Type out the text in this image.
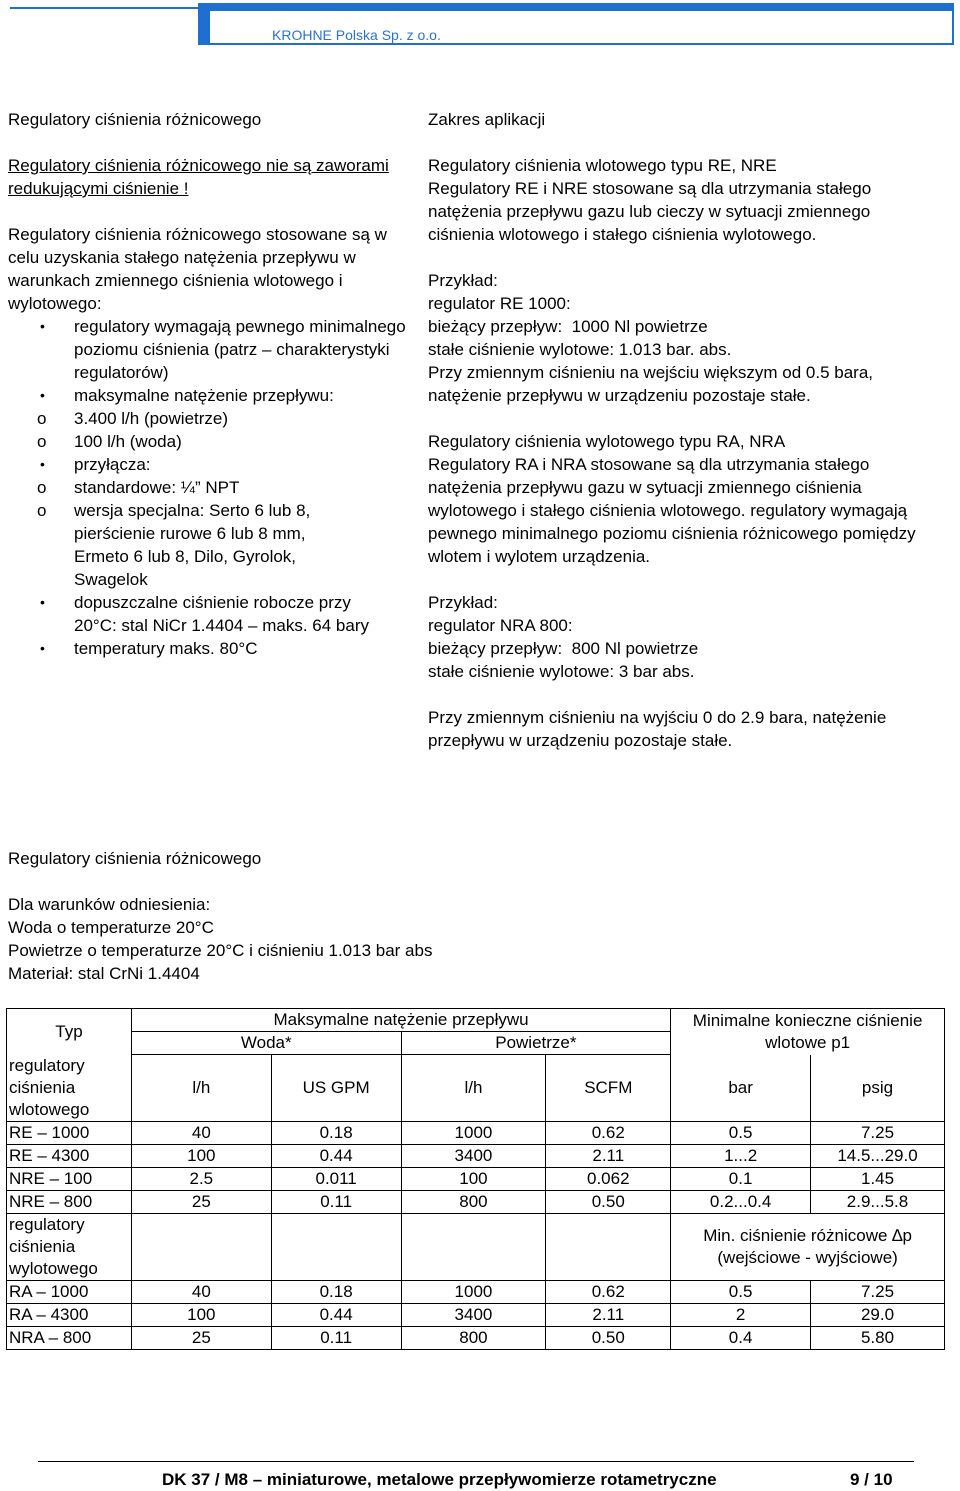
KROHNE Polska Sp. z o.o.
Regulatory ciśnienia różnicowego
Regulatory ciśnienia różnicowego nie są zaworami redukującymi ciśnienie !
Regulatory ciśnienia różnicowego stosowane są w celu uzyskania stałego natężenia przepływu w warunkach zmiennego ciśnienia wlotowego i wylotowego:
• regulatory wymagają pewnego minimalnego poziomu ciśnienia (patrz – charakterystyki regulatorów)
• maksymalne natężenie przepływu:
o 3.400 l/h (powietrze)
o 100 l/h (woda)
• przyłącza:
o standardowe: ¼” NPT
o wersja specjalna: Serto 6 lub 8, pierścienie rurowe 6 lub 8 mm, Ermeto 6 lub 8, Dilo, Gyrolok, Swagelok
• dopuszczalne ciśnienie robocze przy 20°C: stal NiCr 1.4404 – maks. 64 bary
• temperatury maks. 80°C
Zakres aplikacji
Regulatory ciśnienia wlotowego typu RE, NRE
Regulatory RE i NRE stosowane są dla utrzymania stałego natężenia przepływu gazu lub cieczy w sytuacji zmiennego ciśnienia wlotowego i stałego ciśnienia wylotowego.
Przykład:
regulator RE 1000:
bieżący przepływ:  1000 Nl powietrze
stałe ciśnienie wylotowe: 1.013 bar. abs.
Przy zmiennym ciśnieniu na wejściu większym od 0.5 bara, natężenie przepływu w urządzeniu pozostaje stałe.
Regulatory ciśnienia wylotowego typu RA, NRA
Regulatory RA i NRA stosowane są dla utrzymania stałego natężenia przepływu gazu w sytuacji zmiennego ciśnienia wylotowego i stałego ciśnienia wlotowego. regulatory wymagają pewnego minimalnego poziomu ciśnienia różnicowego pomiędzy wlotem i wylotem urządzenia.
Przykład:
regulator NRA 800:
bieżący przepływ:  800 Nl powietrze
stałe ciśnienie wylotowe: 3 bar abs.
Przy zmiennym ciśnieniu na wyjściu 0 do 2.9 bara, natężenie przepływu w urządzeniu pozostaje stałe.
Regulatory ciśnienia różnicowego
Dla warunków odniesienia:
Woda o temperaturze 20°C
Powietrze o temperaturze 20°C i ciśnieniu 1.013 bar abs
Materiał: stal CrNi 1.4404
Typ	Maksymalne natężenie przepływu				Minimalne konieczne ciśnienie wlotowe p1	
	Woda*		Powietrze*			
regulatory ciśnienia wlotowego	l/h	US GPM	l/h	SCFM	bar	psig
RE – 1000	40	0.18	1000	0.62	0.5	7.25
RE – 4300	100	0.44	3400	2.11	1...2	14.5...29.0
NRE – 100	2.5	0.011	100	0.062	0.1	1.45
NRE – 800	25	0.11	800	0.50	0.2...0.4	2.9...5.8
regulatory ciśnienia wylotowego					Min. ciśnienie różnicowe ∆p (wejściowe - wyjściowe)	
RA – 1000	40	0.18	1000	0.62	0.5	7.25
RA – 4300	100	0.44	3400	2.11	2	29.0
NRA – 800	25	0.11	800	0.50	0.4	5.80
DK 37 / M8 – miniaturowe, metalowe przepływomierze rotametryczne	9 / 10
